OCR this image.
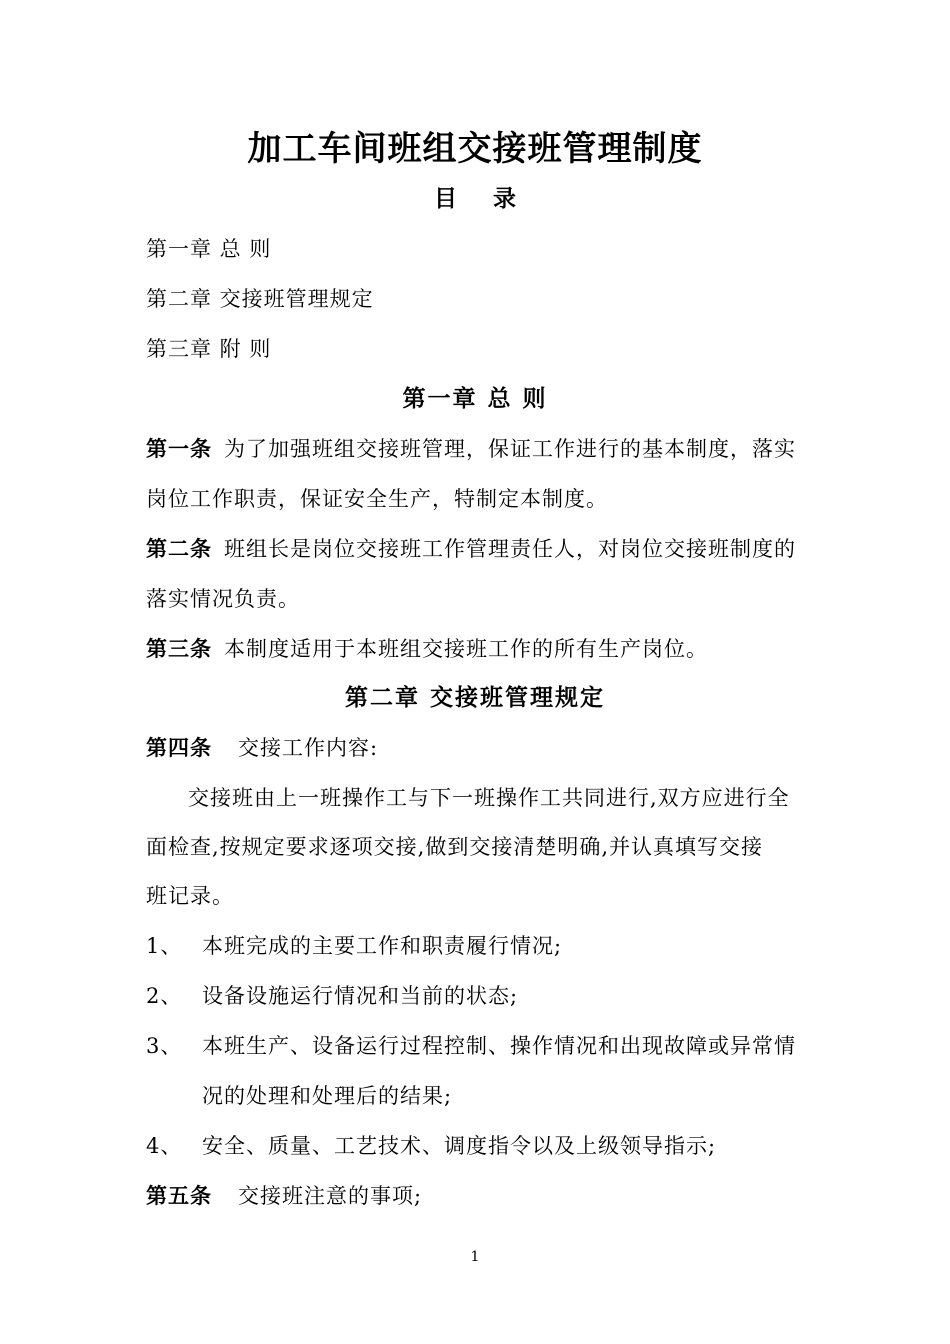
加工车间班组交接班管理制度
目 录
第一章 总 则
第二章 交接班管理规定
第三章 附 则
第一章 总 则
第一条 为了加强班组交接班管理，保证工作进行的基本制度，落实
岗位工作职责，保证安全生产，特制定本制度。
第二条 班组长是岗位交接班工作管理责任人，对岗位交接班制度的
落实情况负责。
第三条 本制度适用于本班组交接班工作的所有生产岗位。
第二章 交接班管理规定
第四条 交接工作内容:
交接班由上一班操作工与下一班操作工共同进行,双方应进行全
面检查,按规定要求逐项交接,做到交接清楚明确,并认真填写交接
班记录。
1、 本班完成的主要工作和职责履行情况;
2、 设备设施运行情况和当前的状态;
3、 本班生产、设备运行过程控制、操作情况和出现故障或异常情
况的处理和处理后的结果;
4、 安全、质量、工艺技术、调度指令以及上级领导指示;
第五条 交接班注意的事项;
1
